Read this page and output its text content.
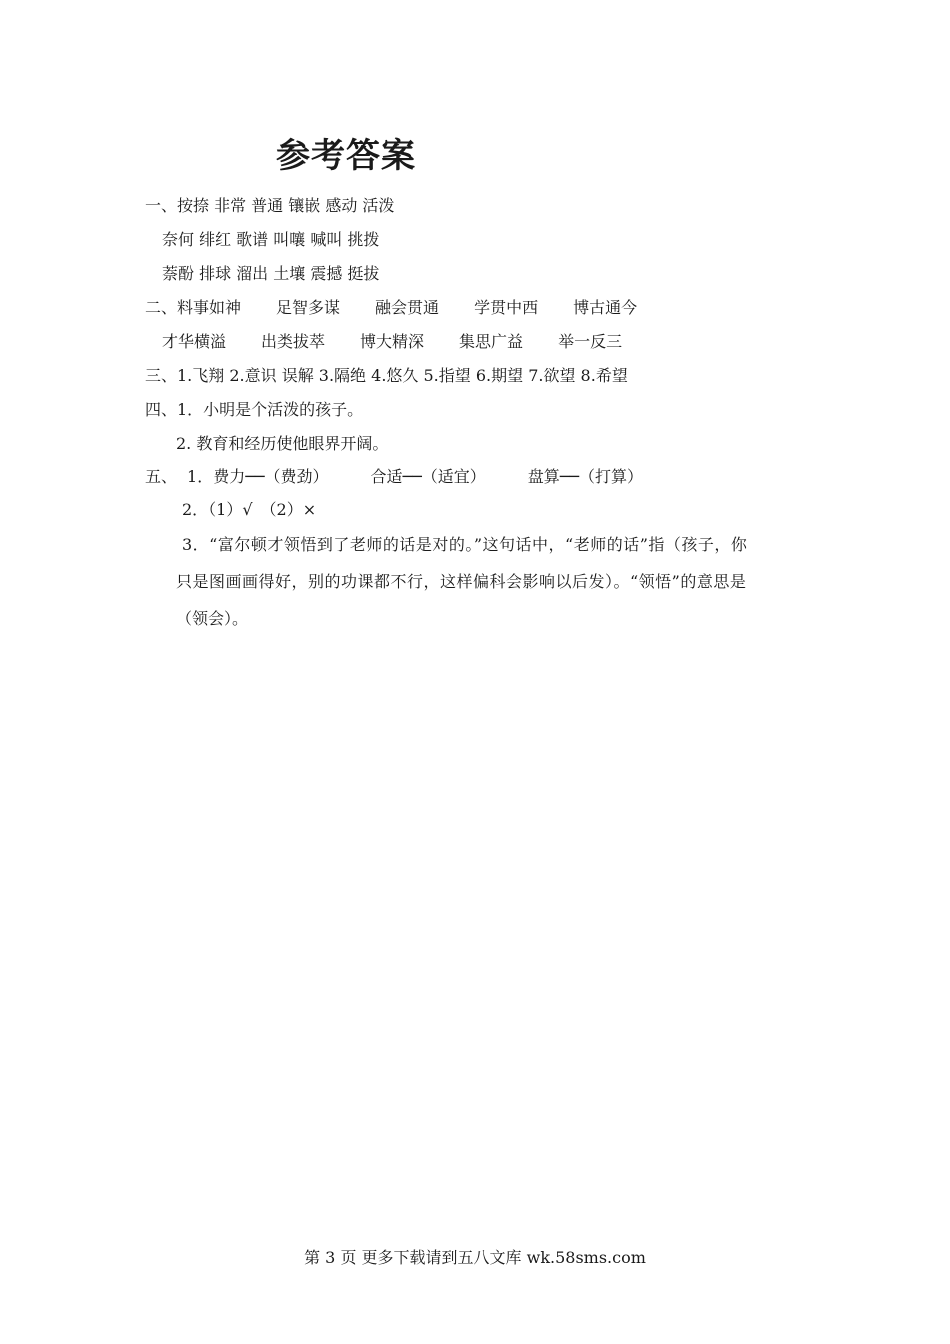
参考答案
一、按捺 非常 普通 镶嵌 感动 活泼
奈何 绯红 歌谱 叫嚷 喊叫 挑拨
萘酚 排球 溜出 土壤 震撼 挺拔
二、料事如神 足智多谋 融会贯通 学贯中西 博古通今
才华横溢 出类拔萃 博大精深 集思广益 举一反三
三、1.飞翔 2.意识 误解 3.隔绝 4.悠久 5.指望 6.期望 7.欲望 8.希望
四、1．小明是个活泼的孩子。
2. 教育和经历使他眼界开阔。
五、 1．费力──（费劲）	合适──（适宜）	盘算──（打算）
2．（1）√　（2）×
3．“富尔顿才领悟到了老师的话是对的。”这句话中，“老师的话”指（孩子，你
只是图画画得好，别的功课都不行，这样偏科会影响以后发）。“领悟”的意思是
（领会）。
第 3 页 更多下载请到五八文库 wk.58sms.com
